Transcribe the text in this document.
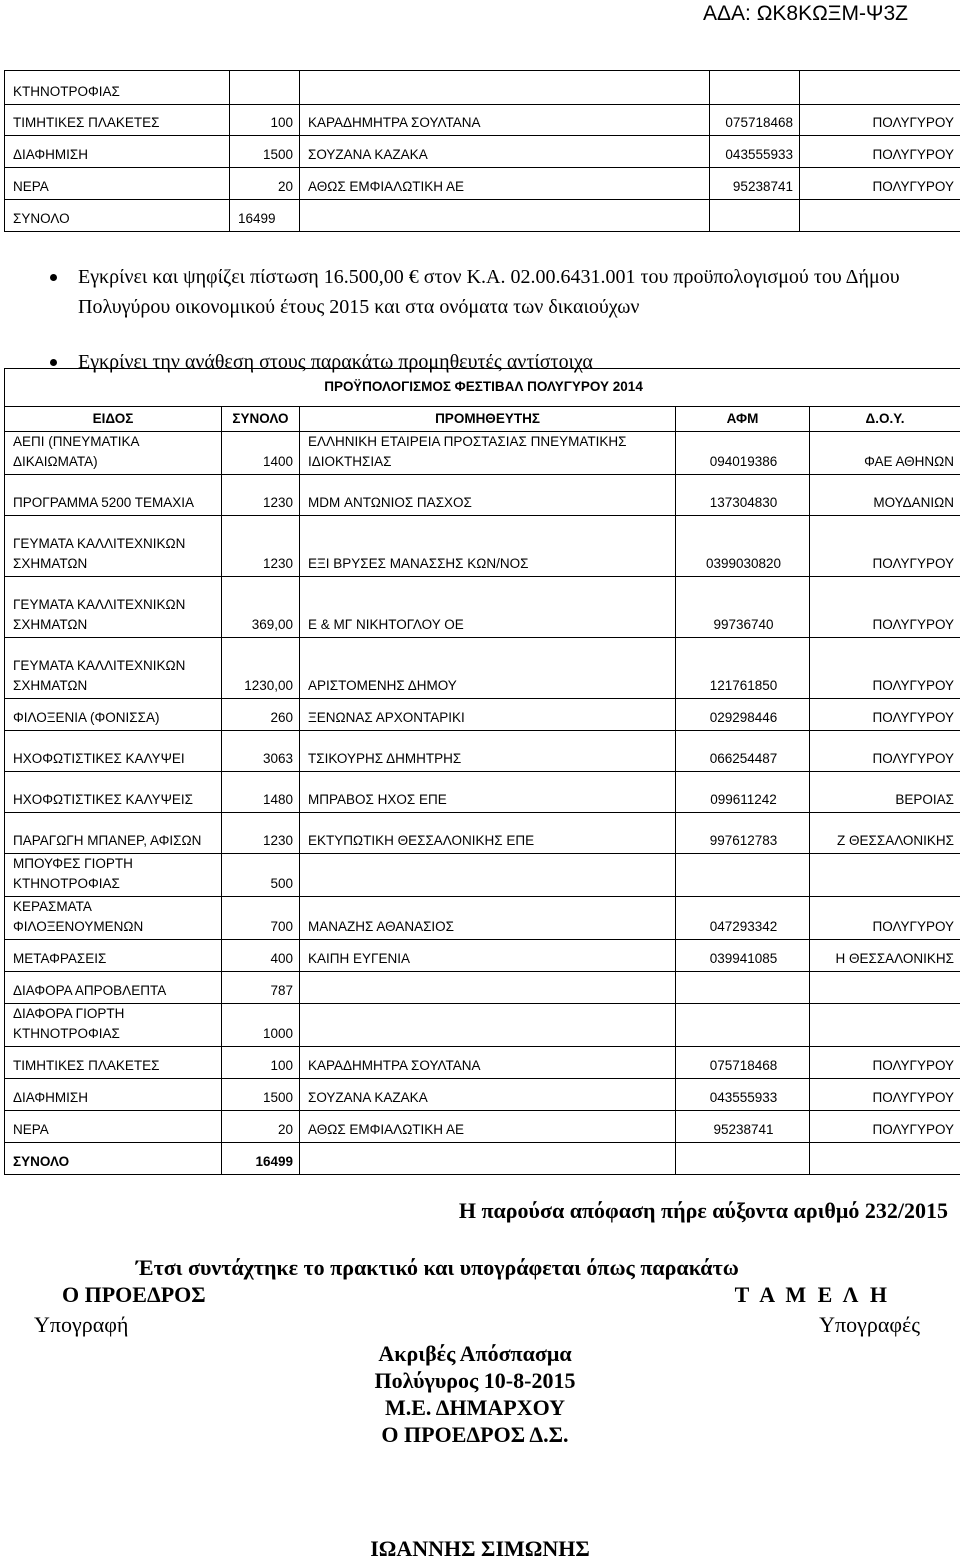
ΑΔΑ: ΩΚ8ΚΩΞΜ-Ψ3Ζ
ΚΤΗΝΟΤΡΟΦΙΑΣ				
ΤΙΜΗΤΙΚΕΣ ΠΛΑΚΕΤΕΣ	100	ΚΑΡΑΔΗΜΗΤΡΑ ΣΟΥΛΤΑΝΑ	075718468	ΠΟΛΥΓΥΡΟΥ
ΔΙΑΦΗΜΙΣΗ	1500	ΣΟΥΖΑΝΑ ΚΑΖΑΚΑ	043555933	ΠΟΛΥΓΥΡΟΥ
ΝΕΡΑ	20	ΑΘΩΣ ΕΜΦΙΑΛΩΤΙΚΗ ΑΕ	95238741	ΠΟΛΥΓΥΡΟΥ
ΣΥΝΟΛΟ	16499			
Εγκρίνει και ψηφίζει πίστωση 16.500,00 € στον Κ.Α. 02.00.6431.001 του προϋπολογισμού του Δήμου Πολυγύρου οικονομικού έτους 2015 και στα ονόματα των δικαιούχων
Εγκρίνει την ανάθεση στους παρακάτω προμηθευτές αντίστοιχα
ΠΡΟΫΠΟΛΟΓΙΣΜΟΣ ΦΕΣΤΙΒΑΛ ΠΟΛΥΓΥΡΟΥ 2014				
ΕΙΔΟΣ	ΣΥΝΟΛΟ	ΠΡΟΜΗΘΕΥΤΗΣ	ΑΦΜ	Δ.Ο.Υ.
ΑΕΠΙ (ΠΝΕΥΜΑΤΙΚΑ ΔΙΚΑΙΩΜΑΤΑ)	1400	ΕΛΛΗΝΙΚΗ ΕΤΑΙΡΕΙΑ ΠΡΟΣΤΑΣΙΑΣ ΠΝΕΥΜΑΤΙΚΗΣ ΙΔΙΟΚΤΗΣΙΑΣ	094019386	ΦΑΕ ΑΘΗΝΩΝ
ΠΡΟΓΡΑΜΜΑ 5200 ΤΕΜΑΧΙΑ	1230	MDM ΑΝΤΩΝΙΟΣ ΠΑΣΧΟΣ	137304830	ΜΟΥΔΑΝΙΩΝ
ΓΕΥΜΑΤΑ ΚΑΛΛΙΤΕΧΝΙΚΩΝ ΣΧΗΜΑΤΩΝ	1230	ΕΞΙ ΒΡΥΣΕΣ ΜΑΝΑΣΣΗΣ ΚΩΝ/ΝΟΣ	0399030820	ΠΟΛΥΓΥΡΟΥ
ΓΕΥΜΑΤΑ ΚΑΛΛΙΤΕΧΝΙΚΩΝ ΣΧΗΜΑΤΩΝ	369,00	Ε & ΜΓ ΝΙΚΗΤΟΓΛΟΥ ΟΕ	99736740	ΠΟΛΥΓΥΡΟΥ
ΓΕΥΜΑΤΑ ΚΑΛΛΙΤΕΧΝΙΚΩΝ ΣΧΗΜΑΤΩΝ	1230,00	ΑΡΙΣΤΟΜΕΝΗΣ ΔΗΜΟΥ	121761850	ΠΟΛΥΓΥΡΟΥ
ΦΙΛΟΞΕΝΙΑ (ΦΟΝΙΣΣΑ)	260	ΞΕΝΩΝΑΣ ΑΡΧΟΝΤΑΡΙΚΙ	029298446	ΠΟΛΥΓΥΡΟΥ
ΗΧΟΦΩΤΙΣΤΙΚΕΣ ΚΑΛΥΨΕΙ	3063	ΤΣΙΚΟΥΡΗΣ ΔΗΜΗΤΡΗΣ	066254487	ΠΟΛΥΓΥΡΟΥ
ΗΧΟΦΩΤΙΣΤΙΚΕΣ ΚΑΛΥΨΕΙΣ	1480	ΜΠΡΑΒΟΣ ΗΧΟΣ ΕΠΕ	099611242	ΒΕΡΟΙΑΣ
ΠΑΡΑΓΩΓΗ ΜΠΑΝΕΡ, ΑΦΙΣΩΝ	1230	ΕΚΤΥΠΩΤΙΚΗ ΘΕΣΣΑΛΟΝΙΚΗΣ ΕΠΕ	997612783	Ζ ΘΕΣΣΑΛΟΝΙΚΗΣ
ΜΠΟΥΦΕΣ ΓΙΟΡΤΗ ΚΤΗΝΟΤΡΟΦΙΑΣ	500			
ΚΕΡΑΣΜΑΤΑ ΦΙΛΟΞΕΝΟΥΜΕΝΩΝ	700	ΜΑΝΑΖΗΣ ΑΘΑΝΑΣΙΟΣ	047293342	ΠΟΛΥΓΥΡΟΥ
ΜΕΤΑΦΡΑΣΕΙΣ	400	ΚΑΙΠΗ ΕΥΓΕΝΙΑ	039941085	Η ΘΕΣΣΑΛΟΝΙΚΗΣ
ΔΙΑΦΟΡΑ ΑΠΡΟΒΛΕΠΤΑ	787			
ΔΙΑΦΟΡΑ ΓΙΟΡΤΗ ΚΤΗΝΟΤΡΟΦΙΑΣ	1000			
ΤΙΜΗΤΙΚΕΣ ΠΛΑΚΕΤΕΣ	100	ΚΑΡΑΔΗΜΗΤΡΑ ΣΟΥΛΤΑΝΑ	075718468	ΠΟΛΥΓΥΡΟΥ
ΔΙΑΦΗΜΙΣΗ	1500	ΣΟΥΖΑΝΑ ΚΑΖΑΚΑ	043555933	ΠΟΛΥΓΥΡΟΥ
ΝΕΡΑ	20	ΑΘΩΣ ΕΜΦΙΑΛΩΤΙΚΗ ΑΕ	95238741	ΠΟΛΥΓΥΡΟΥ
ΣΥΝΟΛΟ	16499			
Η παρούσα απόφαση πήρε αύξοντα αριθμό 232/2015
Έτσι συντάχτηκε το πρακτικό και υπογράφεται όπως παρακάτω
Ο ΠΡΟΕΔΡΟΣ	Τ Α Μ Ε Λ Η
Υπογραφή	Υπογραφές
Ακριβές Απόσπασμα
Πολύγυρος 10-8-2015
Μ.Ε. ΔΗΜΑΡΧΟΥ
Ο ΠΡΟΕΔΡΟΣ Δ.Σ.
ΙΩΑΝΝΗΣ ΣΙΜΩΝΗΣ
